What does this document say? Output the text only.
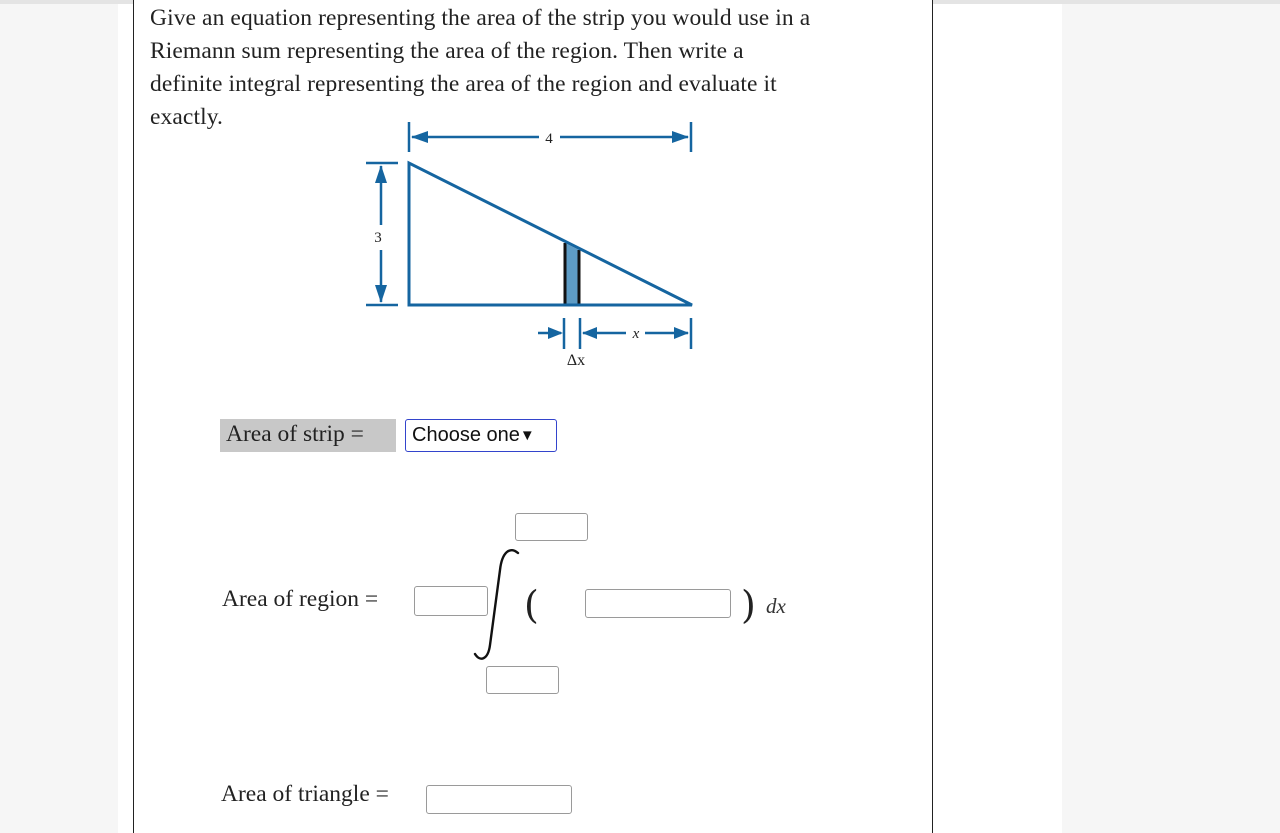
Give an equation representing the area of the strip you would use in a
Riemann sum representing the area of the region. Then write a
definite integral representing the area of the region and evaluate it
exactly.

4
3
x
Δx
Area of strip =	Choose one▼
Area of region =	(	) dx
Area of triangle =
